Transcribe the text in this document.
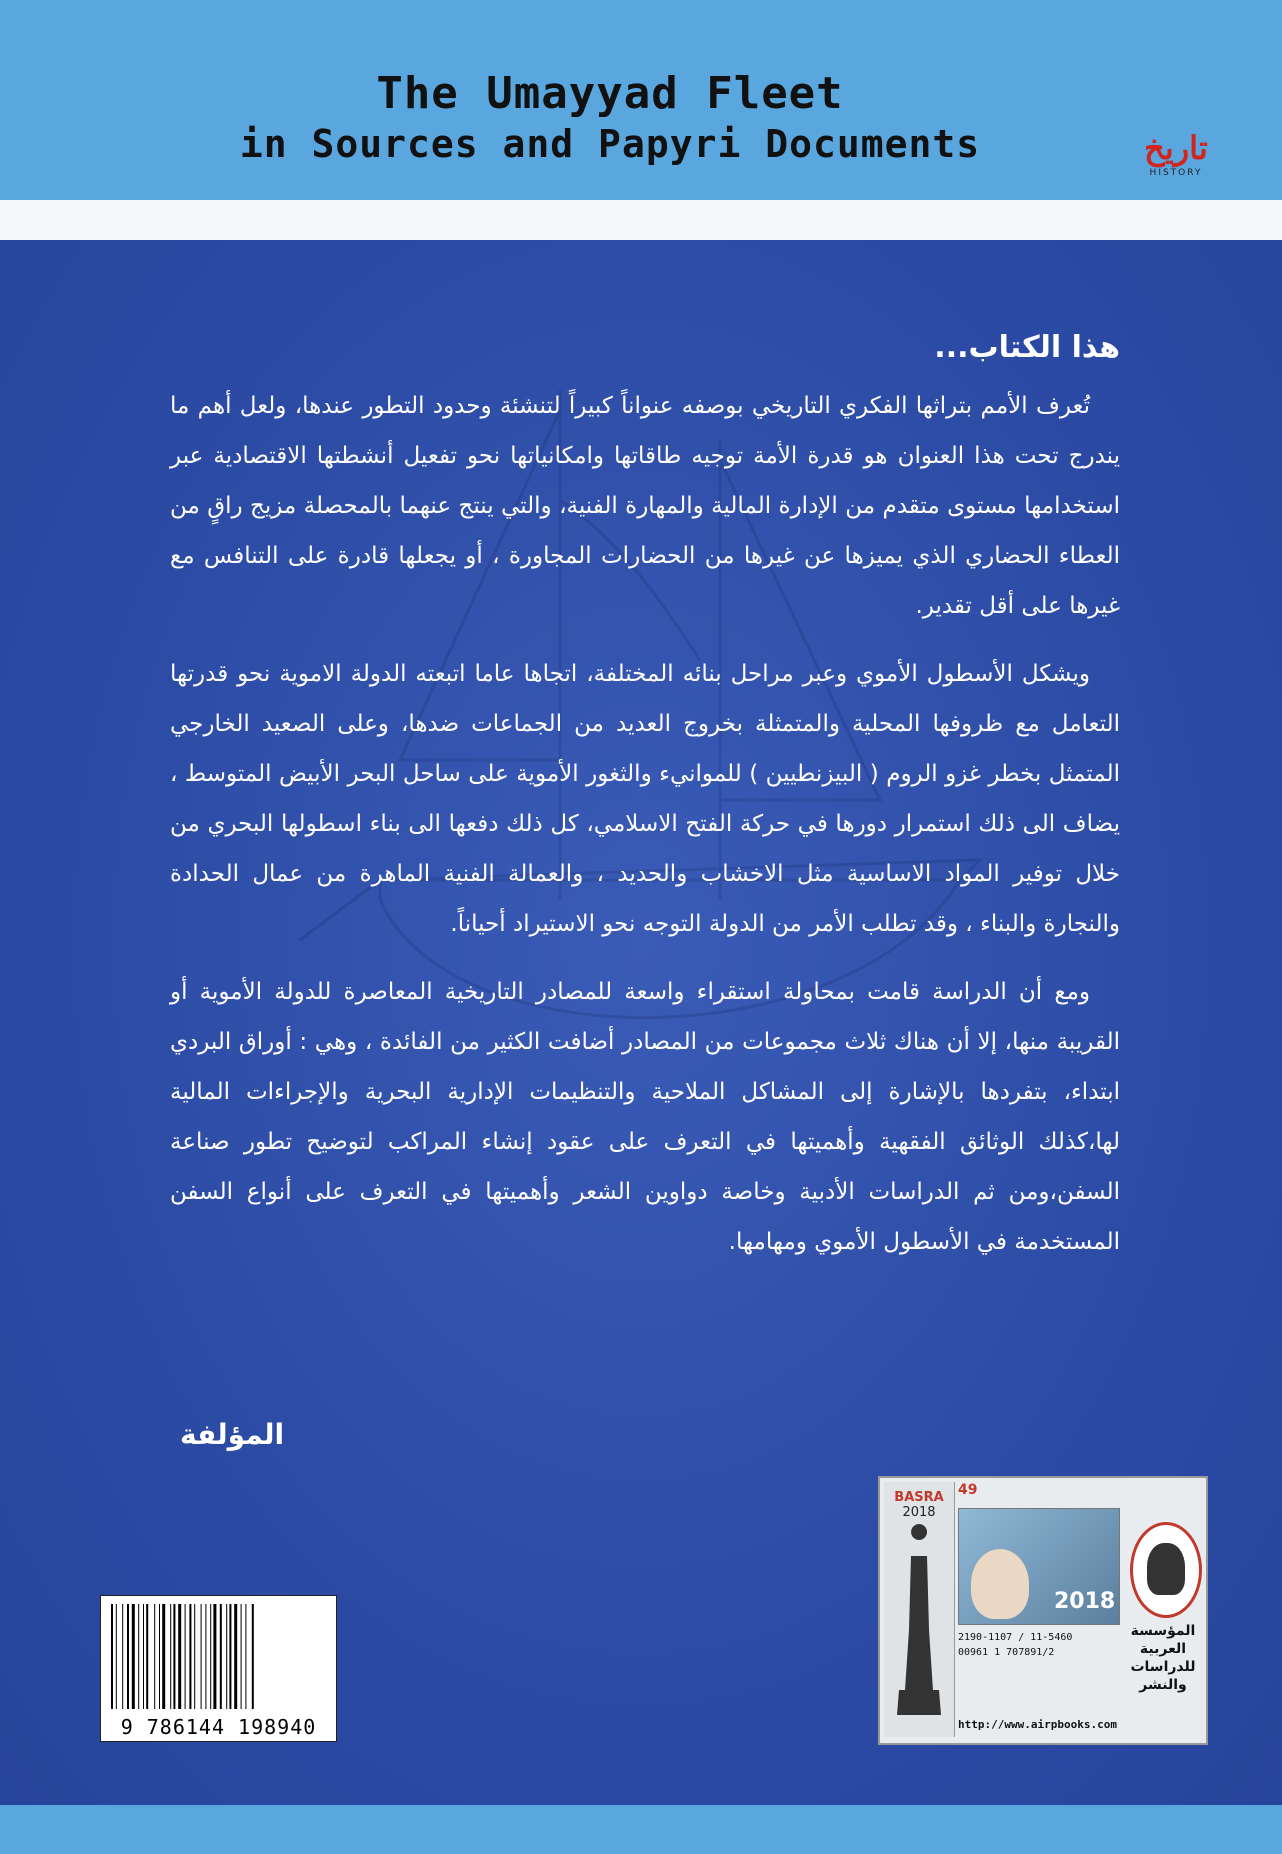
The Umayyad Fleet
in Sources and Papyri Documents	تاريخ
HISTORY
هذا الكتاب...

تُعرف الأمم بتراثها الفكري التاريخي بوصفه عنواناً كبيراً لتنشئة وحدود التطور عندها، ولعل أهم ما يندرج تحت هذا العنوان هو قدرة الأمة توجيه طاقاتها وامكانياتها نحو تفعيل أنشطتها الاقتصادية عبر استخدامها مستوى متقدم من الإدارة المالية والمهارة الفنية، والتي ينتج عنهما بالمحصلة مزيج راقٍ من العطاء الحضاري الذي يميزها عن غيرها من الحضارات المجاورة ، أو يجعلها قادرة على التنافس مع غيرها على أقل تقدير.

ويشكل الأسطول الأموي وعبر مراحل بنائه المختلفة، اتجاها عاما اتبعته الدولة الاموية نحو قدرتها التعامل مع ظروفها المحلية والمتمثلة بخروج العديد من الجماعات ضدها، وعلى الصعيد الخارجي المتمثل بخطر غزو الروم ( البيزنطيين ) للموانيء والثغور الأموية على ساحل البحر الأبيض المتوسط ، يضاف الى ذلك استمرار دورها في حركة الفتح الاسلامي، كل ذلك دفعها الى بناء اسطولها البحري من خلال توفير المواد الاساسية مثل الاخشاب والحديد ، والعمالة الفنية الماهرة من عمال الحدادة والنجارة والبناء ، وقد تطلب الأمر من الدولة التوجه نحو الاستيراد أحياناً.

ومع أن الدراسة قامت بمحاولة استقراء واسعة للمصادر التاريخية المعاصرة للدولة الأموية أو القريبة منها، إلا أن هناك ثلاث مجموعات من المصادر أضافت الكثير من الفائدة ، وهي : أوراق البردي ابتداء، بتفردها بالإشارة إلى المشاكل الملاحية والتنظيمات الإدارية البحرية والإجراءات المالية لها،كذلك الوثائق الفقهية وأهميتها في التعرف على عقود إنشاء المراكب لتوضيح تطور صناعة السفن،ومن ثم الدراسات الأدبية وخاصة دواوين الشعر وأهميتها في التعرف على أنواع السفن المستخدمة في الأسطول الأموي ومهامها.

المؤلفة
9 786144 198940
BASRA
2018
49
2018
2190-1107 / 11-5460
00961 1 707891/2
المؤسسة العربية للدراسات والنشر
http://www.airpbooks.com
